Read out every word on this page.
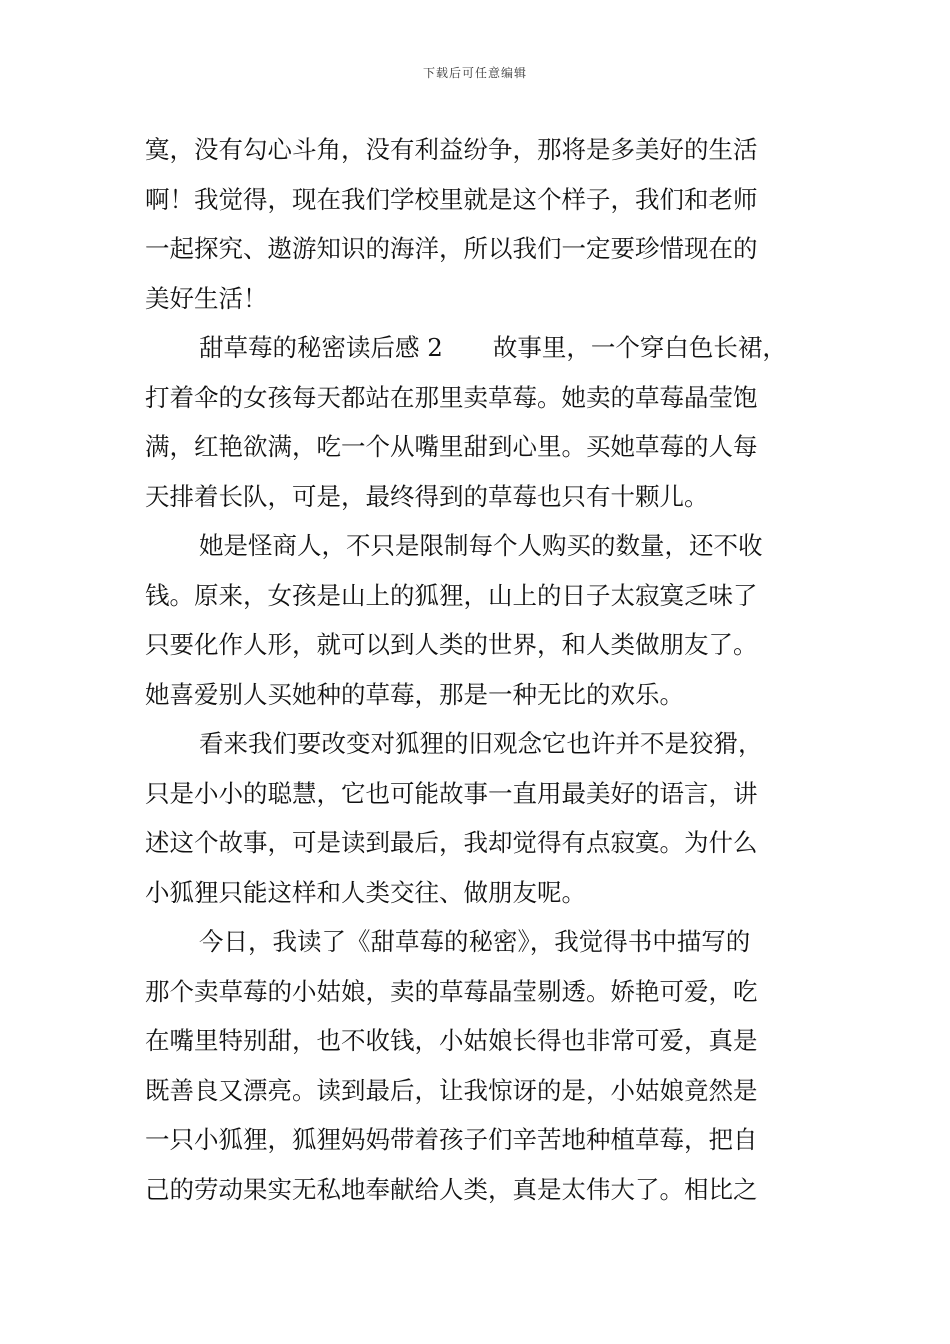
下载后可任意编辑
寞，没有勾心斗角，没有利益纷争，那将是多美好的生活
啊！我觉得，现在我们学校里就是这个样子，我们和老师
一起探究、遨游知识的海洋，所以我们一定要珍惜现在的
美好生活！
甜草莓的秘密读后感 2 故事里，一个穿白色长裙，
打着伞的女孩每天都站在那里卖草莓。她卖的草莓晶莹饱
满，红艳欲满，吃一个从嘴里甜到心里。买她草莓的人每
天排着长队，可是，最终得到的草莓也只有十颗儿。
她是怪商人，不只是限制每个人购买的数量，还不收
钱。原来，女孩是山上的狐狸，山上的日子太寂寞乏味了
只要化作人形，就可以到人类的世界，和人类做朋友了。
她喜爱别人买她种的草莓，那是一种无比的欢乐。
看来我们要改变对狐狸的旧观念它也许并不是狡猾，
只是小小的聪慧，它也可能故事一直用最美好的语言，讲
述这个故事，可是读到最后，我却觉得有点寂寞。为什么
小狐狸只能这样和人类交往、做朋友呢。
今日，我读了《甜草莓的秘密》，我觉得书中描写的
那个卖草莓的小姑娘，卖的草莓晶莹剔透。娇艳可爱，吃
在嘴里特别甜，也不收钱，小姑娘长得也非常可爱，真是
既善良又漂亮。读到最后，让我惊讶的是，小姑娘竟然是
一只小狐狸，狐狸妈妈带着孩子们辛苦地种植草莓，把自
己的劳动果实无私地奉献给人类，真是太伟大了。相比之
